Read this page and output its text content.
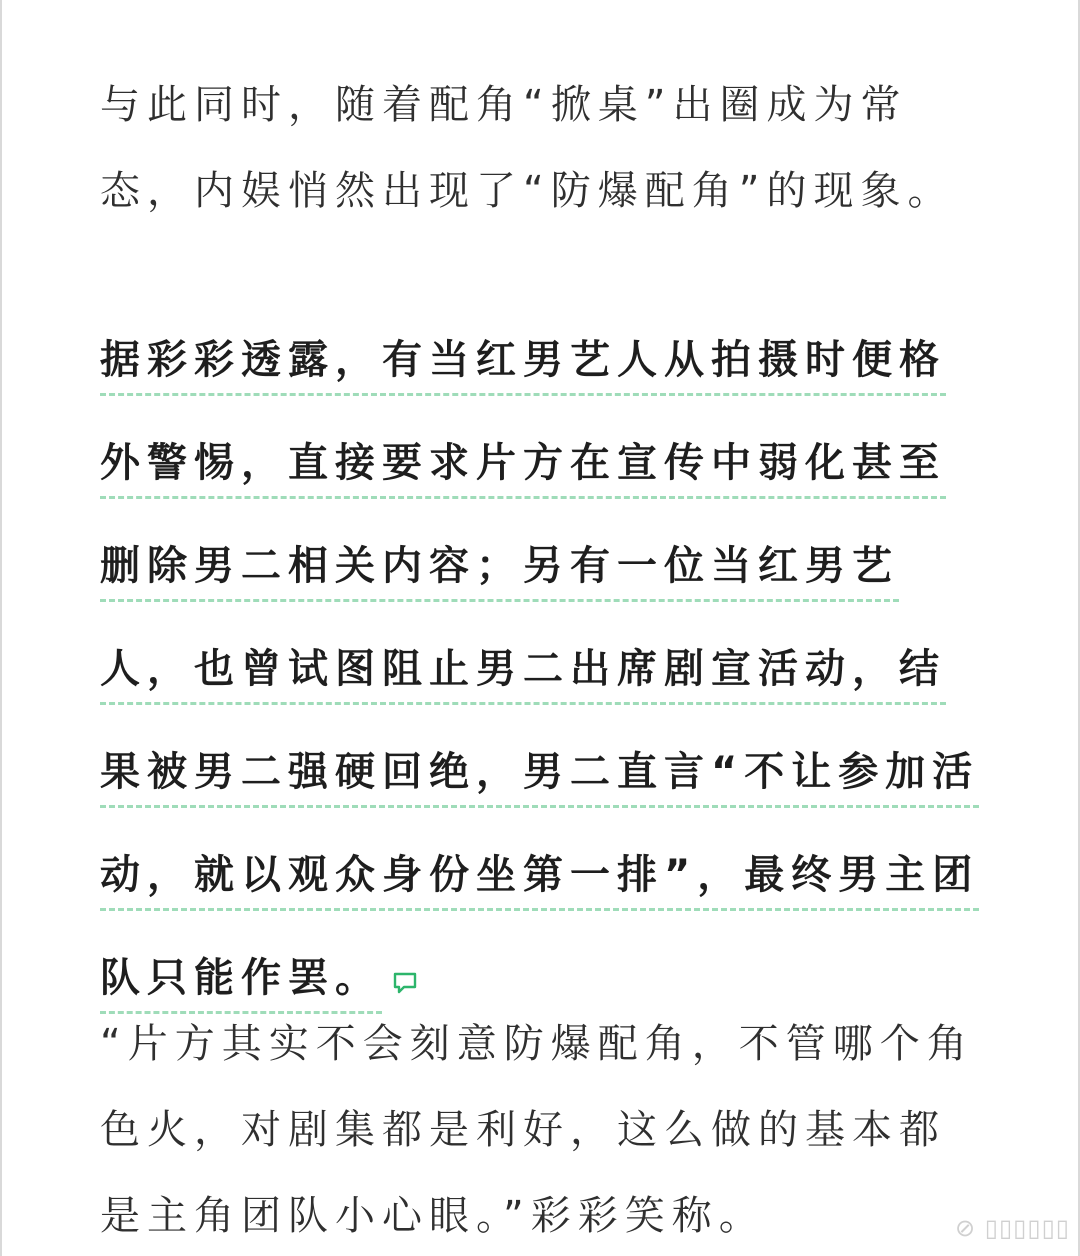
与此同时，随着配角“掀桌”出圈成为常
态，内娱悄然出现了“防爆配角”的现象。

据彩彩透露，有当红男艺人从拍摄时便格
外警惕，直接要求片方在宣传中弱化甚至
删除男二相关内容；另有一位当红男艺
人，也曾试图阻止男二出席剧宣活动，结
果被男二强硬回绝，男二直言“不让参加活
动，就以观众身份坐第一排”，最终男主团
队只能作罢。

“片方其实不会刻意防爆配角，不管哪个角
色火，对剧集都是利好，这么做的基本都
是主角团队小心眼。”彩彩笑称。	⊘ ▯▯▯▯▯▯
